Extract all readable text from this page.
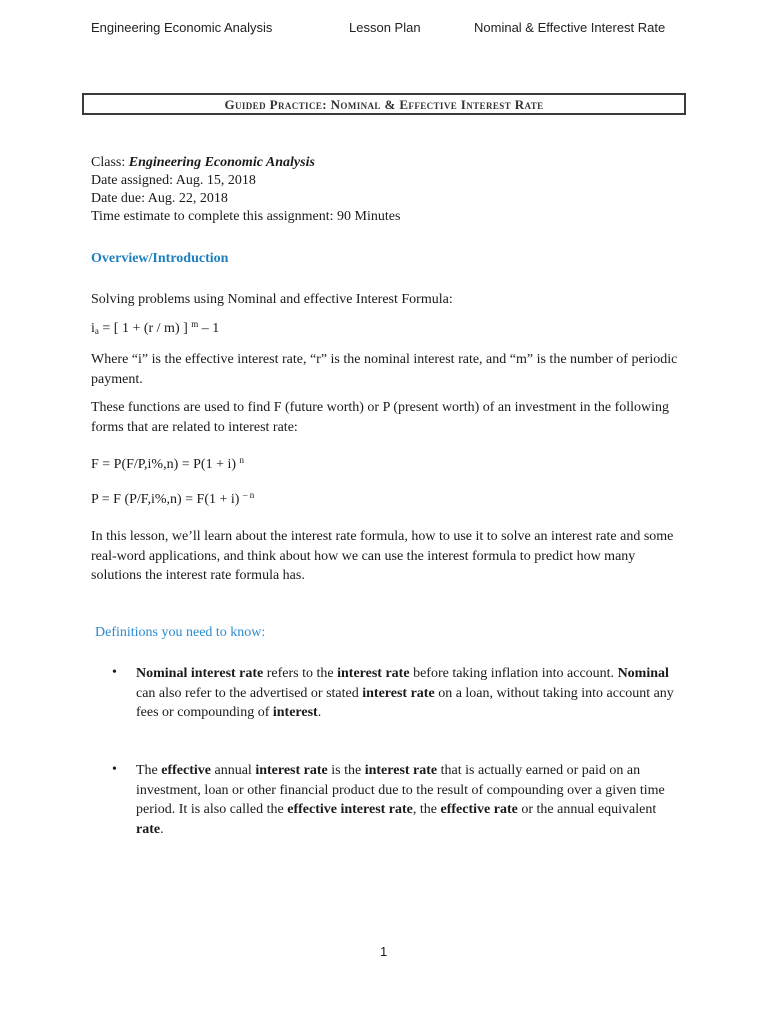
Engineering Economic Analysis	Lesson Plan	Nominal & Effective Interest Rate
Guided Practice: Nominal & Effective Interest Rate
Class: Engineering Economic Analysis
Date assigned: Aug. 15, 2018
Date due: Aug. 22, 2018
Time estimate to complete this assignment: 90 Minutes
Overview/Introduction
Solving problems using Nominal and effective Interest Formula:
$i_a$ = [ 1 + (r / m) ] $^m$ – 1
Where “i” is the effective interest rate, “r” is the nominal interest rate, and “m” is the number of periodic payment.
These functions are used to find F (future worth) or P (present worth) of an investment in the following forms that are related to interest rate:
F = P(F/P,i%,n) = P(1 + i) $^n$
P = F (P/F,i%,n) = F(1 + i) $^{- n}$
In this lesson, we’ll learn about the interest rate formula, how to use it to solve an interest rate and some real-word applications, and think about how we can use the interest formula to predict how many solutions the interest rate formula has.
Definitions you need to know:
• Nominal interest rate refers to the interest rate before taking inflation into account. Nominal can also refer to the advertised or stated interest rate on a loan, without taking into account any fees or compounding of interest.
• The effective annual interest rate is the interest rate that is actually earned or paid on an investment, loan or other financial product due to the result of compounding over a given time period. It is also called the effective interest rate, the effective rate or the annual equivalent rate.
1
